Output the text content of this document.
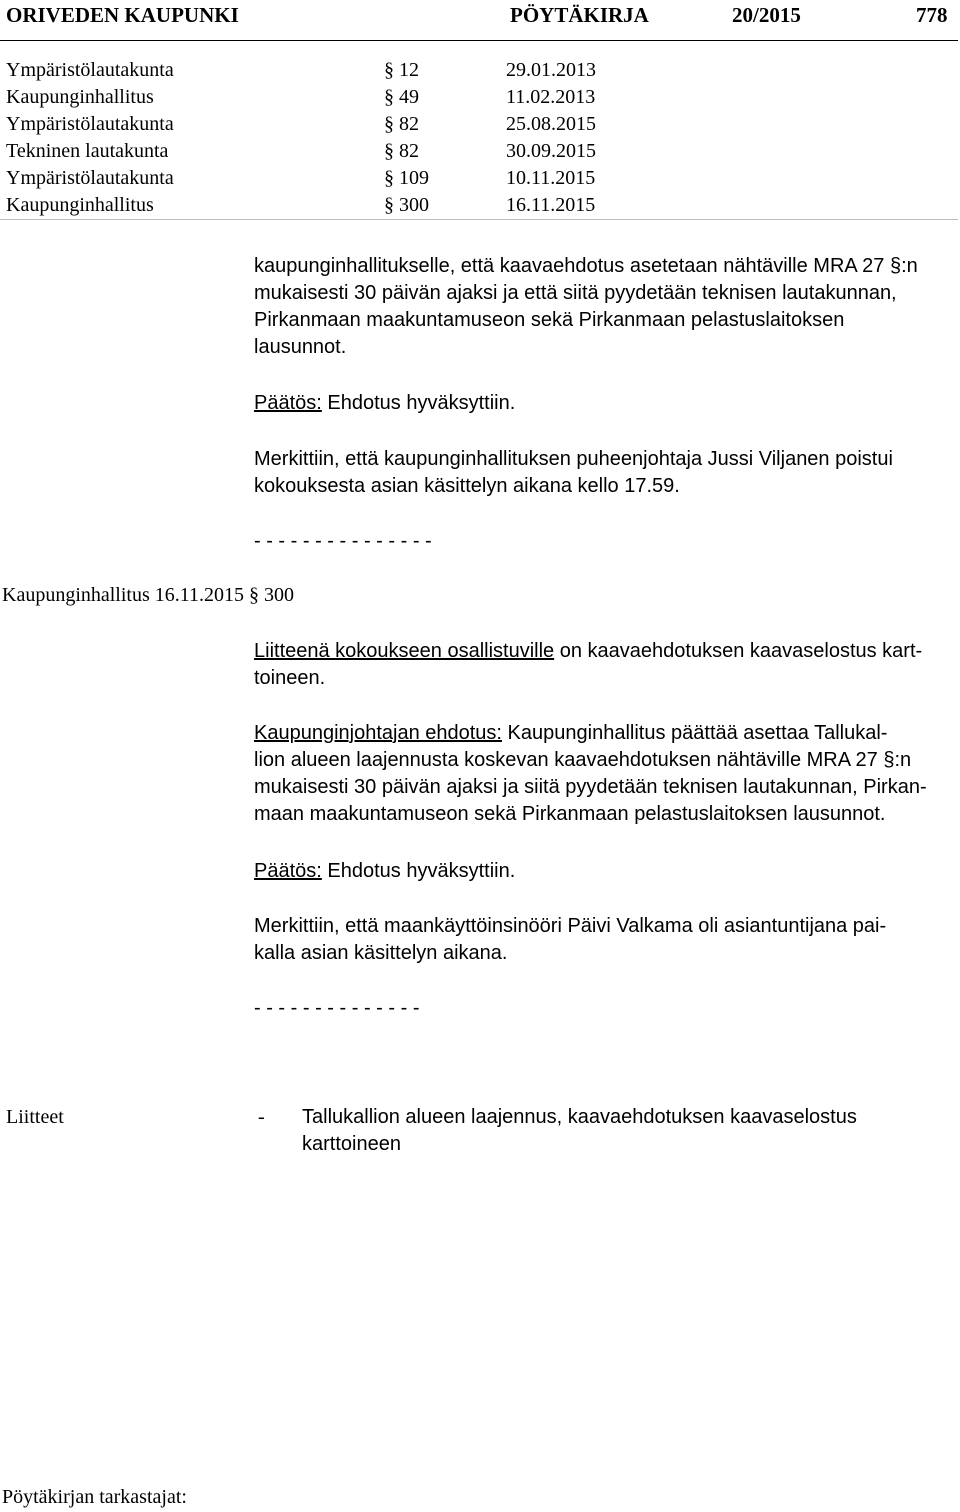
ORIVEDEN KAUPUNKI	PÖYTÄKIRJA	20/2015	778
Ympäristölautakunta	§ 12	29.01.2013
Kaupunginhallitus	§ 49	11.02.2013
Ympäristölautakunta	§ 82	25.08.2015
Tekninen lautakunta	§ 82	30.09.2015
Ympäristölautakunta	§ 109	10.11.2015
Kaupunginhallitus	§ 300	16.11.2015

kaupunginhallitukselle, että kaavaehdotus asetetaan nähtäville MRA 27 §:n

mukaisesti 30 päivän ajaksi ja että siitä pyydetään teknisen lautakunnan,

Pirkanmaan maakuntamuseon sekä Pirkanmaan pelastuslaitoksen

lausunnot.

Päätös: Ehdotus hyväksyttiin.

Merkittiin, että kaupunginhallituksen puheenjohtaja Jussi Viljanen poistui

kokouksesta asian käsittelyn aikana kello 17.59.

- - - - - - - - - - - - - - -
Kaupunginhallitus 16.11.2015 § 300

Liitteenä kokoukseen osallistuville on kaavaehdotuksen kaavaselostus kart-

toineen.

Kaupunginjohtajan ehdotus: Kaupunginhallitus päättää asettaa Tallukal-

lion alueen laajennusta koskevan kaavaehdotuksen nähtäville MRA 27 §:n

mukaisesti 30 päivän ajaksi ja siitä pyydetään teknisen lautakunnan, Pirkan-

maan maakuntamuseon sekä Pirkanmaan pelastuslaitoksen lausunnot.

Päätös: Ehdotus hyväksyttiin.

Merkittiin, että maankäyttöinsinööri Päivi Valkama oli asiantuntijana pai-

kalla asian käsittelyn aikana.

- - - - - - - - - - - - - -
Liitteet	- Tallukallion alueen laajennus, kaavaehdotuksen kaavaselostus
karttoineen
Pöytäkirjan tarkastajat:
